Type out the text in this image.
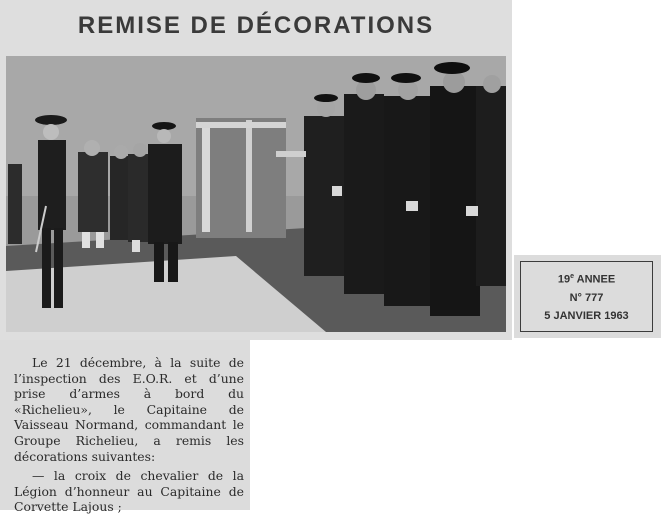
REMISE DE DÉCORATIONS

Le 21 décembre, à la suite de l’inspection des E.O.R. et d’une prise d’armes à bord du «Richelieu», le Capitaine de Vaisseau Normand, commandant le Groupe Richelieu, a remis les décorations suivantes:

— la croix de chevalier de la Légion d’honneur au Capitaine de Corvette Lajous ;

19e ANNEE
N° 777
5 JANVIER 1963
